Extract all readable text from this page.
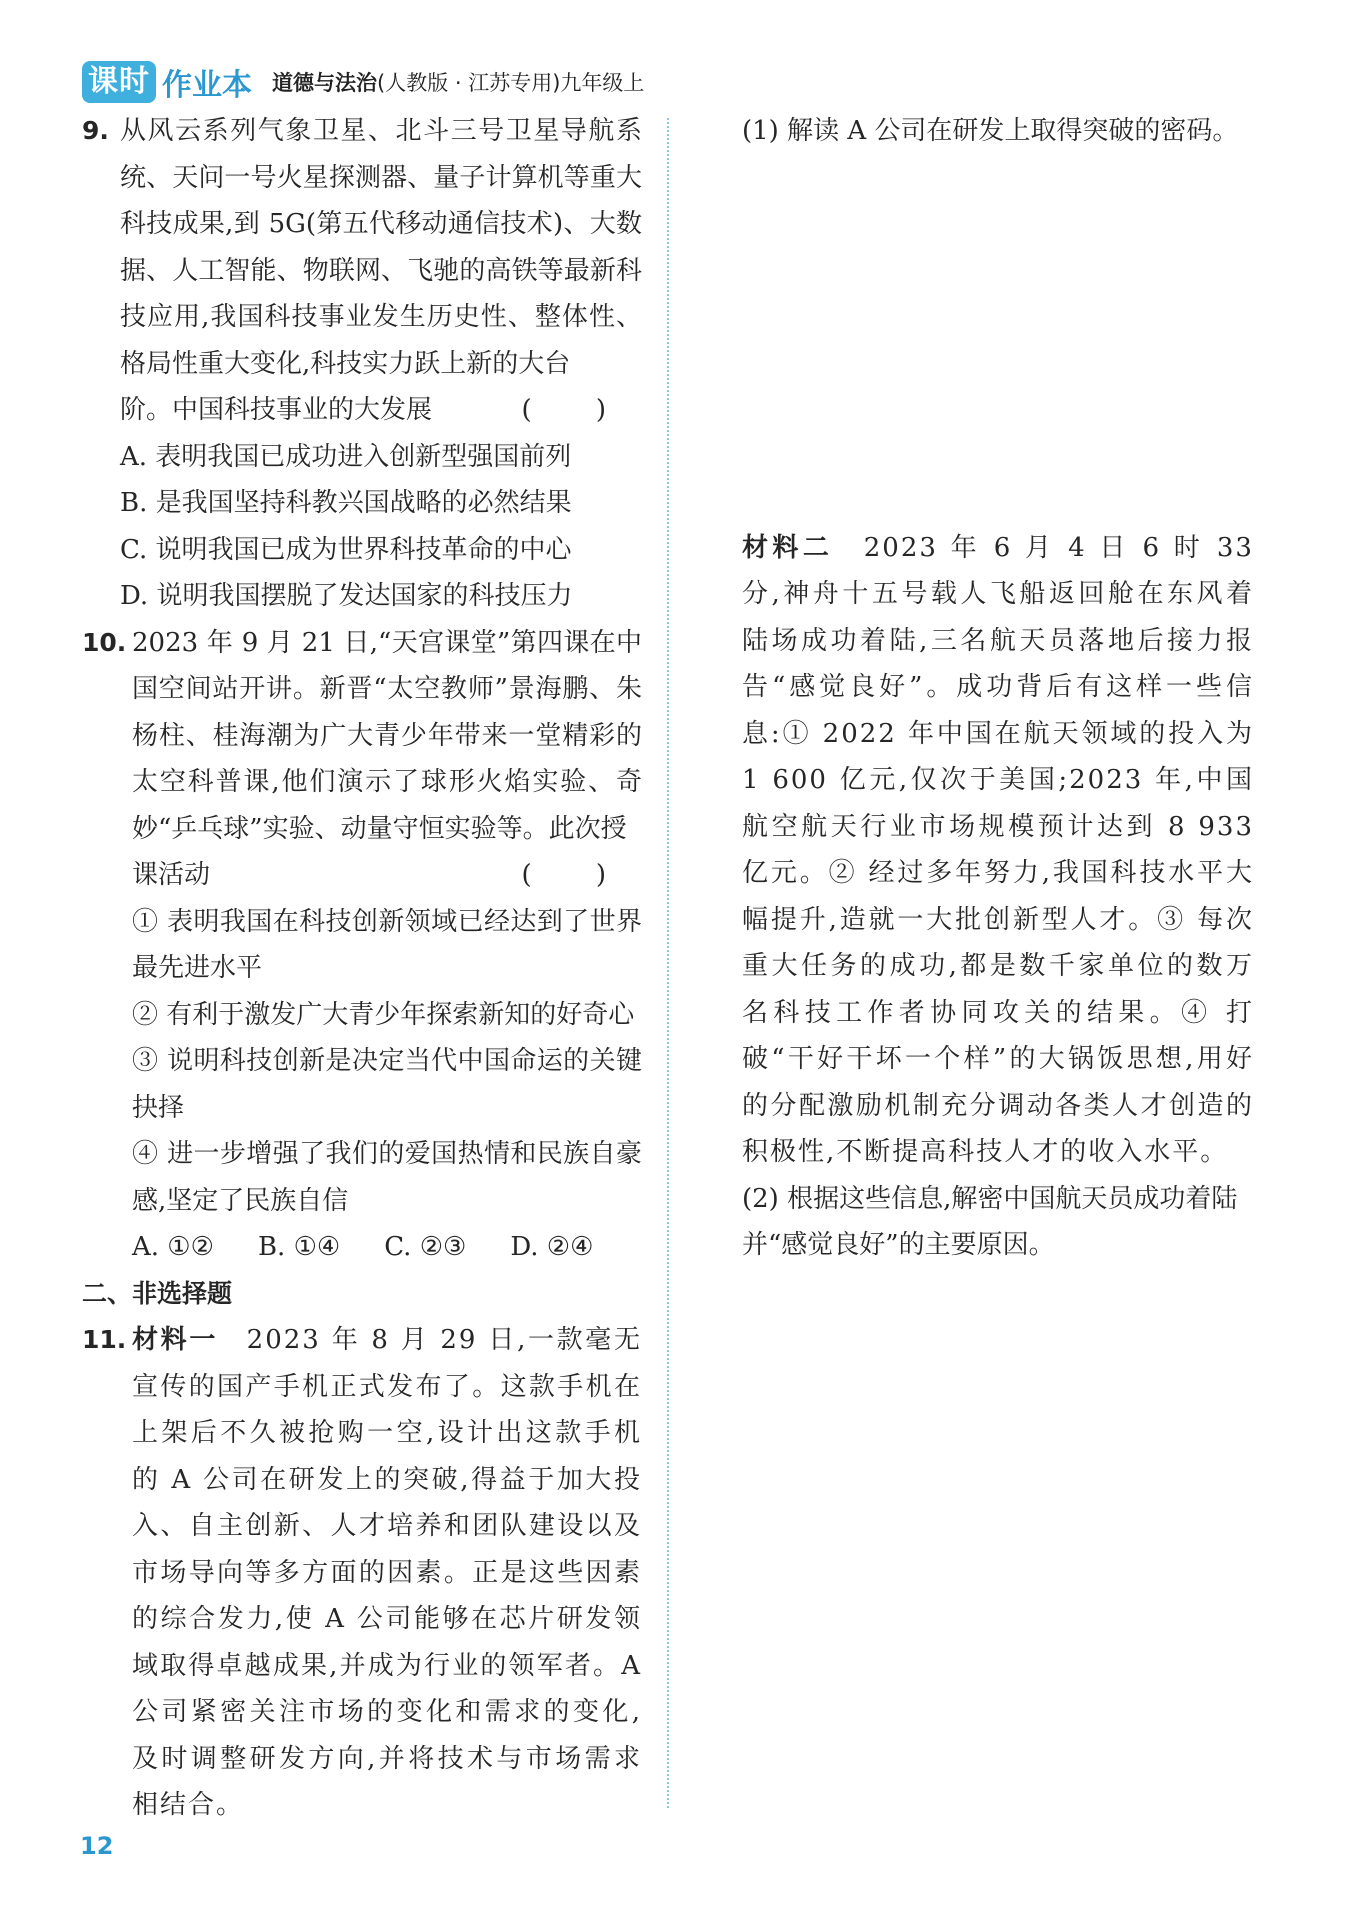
课时 作业本 道德与法治 (人教版 · 江苏专用)九年级上
9. 从风云系列气象卫星、北斗三号卫星导航系统、天问一号火星探测器、量子计算机等重大科技成果,到 5G(第五代移动通信技术)、大数据、人工智能、物联网、飞驰的高铁等最新科技应用,我国科技事业发生历史性、整体性、格局性重大变化,科技实力跃上新的大台
阶。中国科技事业的大发展	( )
A. 表明我国已成功进入创新型强国前列
B. 是我国坚持科教兴国战略的必然结果
C. 说明我国已成为世界科技革命的中心
D. 说明我国摆脱了发达国家的科技压力
10. 2023 年 9 月 21 日,“天宫课堂”第四课在中国空间站开讲。新晋“太空教师”景海鹏、朱杨柱、桂海潮为广大青少年带来一堂精彩的太空科普课,他们演示了球形火焰实验、奇妙“乒乓球”实验、动量守恒实验等。此次授
课活动	( )
① 表明我国在科技创新领域已经达到了世界最先进水平
② 有利于激发广大青少年探索新知的好奇心
③ 说明科技创新是决定当代中国命运的关键抉择
④ 进一步增强了我们的爱国热情和民族自豪感,坚定了民族自信
A. ①② B. ①④ C. ②③ D. ②④
二、非选择题
11. 材料一　 2023 年 8 月 29 日,一款毫无宣传的国产手机正式发布了。这款手机在上架后不久被抢购一空,设计出这款手机的 A 公司在研发上的突破,得益于加大投入、自主创新、人才培养和团队建设以及市场导向等多方面的因素。正是这些因素的综合发力,使 A 公司能够在芯片研发领域取得卓越成果,并成为行业的领军者。A 公司紧密关注市场的变化和需求的变化,及时调整研发方向,并将技术与市场需求相结合。
(1) 解读 A 公司在研发上取得突破的密码。
材料二　 2023 年 6 月 4 日 6 时 33 分,神舟十五号载人飞船返回舱在东风着陆场成功着陆,三名航天员落地后接力报告“感觉良好”。成功背后有这样一些信息:① 2022 年中国在航天领域的投入为 1 600 亿元,仅次于美国;2023 年,中国航空航天行业市场规模预计达到 8 933 亿元。② 经过多年努力,我国科技水平大幅提升,造就一大批创新型人才。③ 每次重大任务的成功,都是数千家单位的数万名科技工作者协同攻关的结果。④ 打破“干好干坏一个样”的大锅饭思想,用好的分配激励机制充分调动各类人才创造的积极性,不断提高科技人才的收入水平。
(2) 根据这些信息,解密中国航天员成功着陆并“感觉良好”的主要原因。
12
